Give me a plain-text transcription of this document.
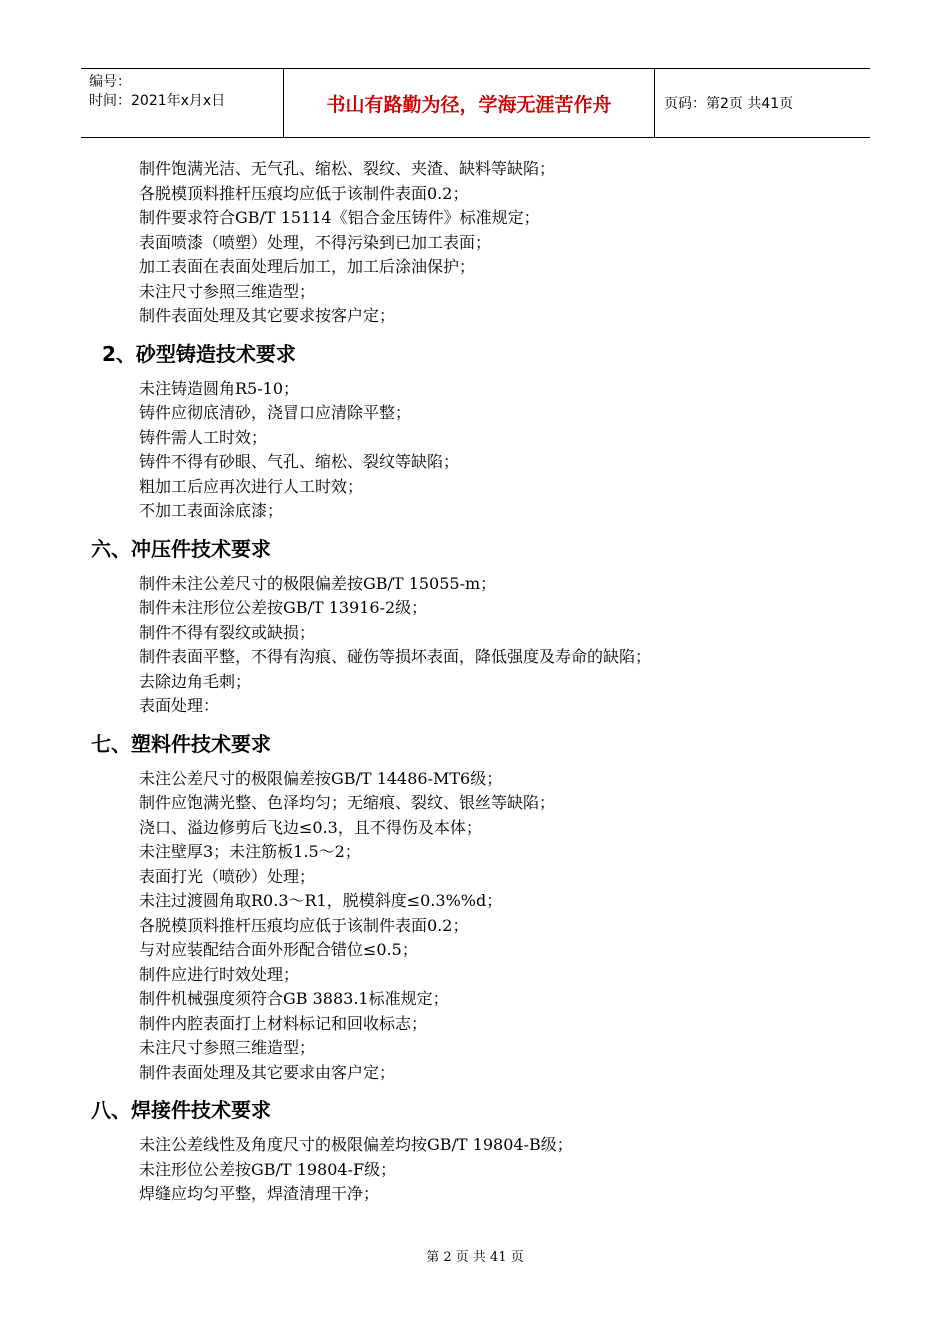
编号：
时间：2021年x月x日	书山有路勤为径，学海无涯苦作舟	页码：第2页 共41页
制件饱满光洁、无气孔、缩松、裂纹、夹渣、缺料等缺陷；
各脱模顶料推杆压痕均应低于该制件表面0.2；
制件要求符合GB/T 15114《铝合金压铸件》标准规定；
表面喷漆（喷塑）处理，不得污染到已加工表面；
加工表面在表面处理后加工，加工后涂油保护；
未注尺寸参照三维造型；
制件表面处理及其它要求按客户定；
2、砂型铸造技术要求
未注铸造圆角R5-10；
铸件应彻底清砂，浇冒口应清除平整；
铸件需人工时效；
铸件不得有砂眼、气孔、缩松、裂纹等缺陷；
粗加工后应再次进行人工时效；
不加工表面涂底漆；
六、冲压件技术要求
制件未注公差尺寸的极限偏差按GB/T 15055-m；
制件未注形位公差按GB/T 13916-2级；
制件不得有裂纹或缺损；
制件表面平整，不得有沟痕、碰伤等损坏表面，降低强度及寿命的缺陷；
去除边角毛刺；
表面处理：
七、塑料件技术要求
未注公差尺寸的极限偏差按GB/T 14486-MT6级；
制件应饱满光整、色泽均匀；无缩痕、裂纹、银丝等缺陷；
浇口、溢边修剪后飞边≤0.3，且不得伤及本体；
未注壁厚3；未注筋板1.5～2；
表面打光（喷砂）处理；
未注过渡圆角取R0.3～R1，脱模斜度≤0.3%%d；
各脱模顶料推杆压痕均应低于该制件表面0.2；
与对应装配结合面外形配合错位≤0.5；
制件应进行时效处理；
制件机械强度须符合GB 3883.1标准规定；
制件内腔表面打上材料标记和回收标志；
未注尺寸参照三维造型；
制件表面处理及其它要求由客户定；
八、焊接件技术要求
未注公差线性及角度尺寸的极限偏差均按GB/T 19804-B级；
未注形位公差按GB/T 19804-F级；
焊缝应均匀平整，焊渣清理干净；
第 2 页 共 41 页
